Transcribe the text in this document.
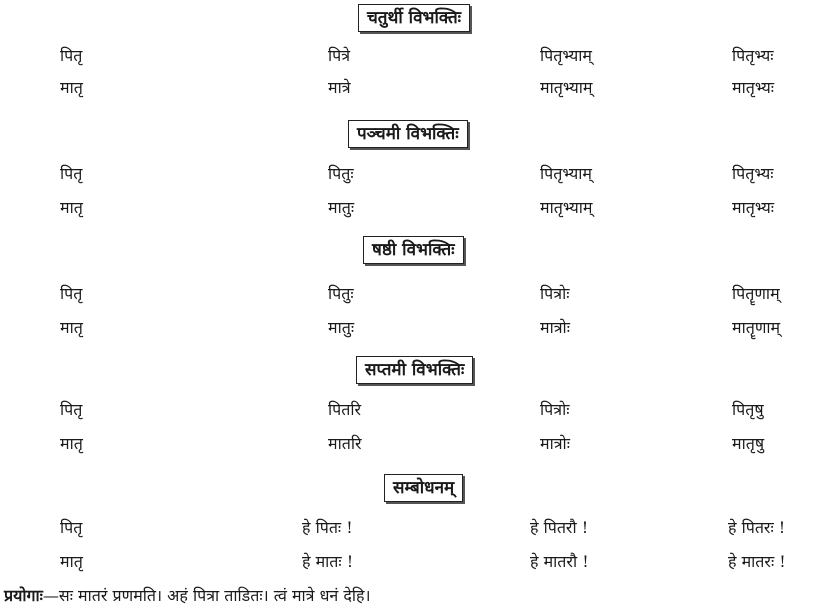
चतुर्थी विभक्तिः
पितृ	पित्रे	पितृभ्याम्	पितृभ्यः
मातृ	मात्रे	मातृभ्याम्	मातृभ्यः
पञ्चमी विभक्तिः
पितृ	पितुः	पितृभ्याम्	पितृभ्यः
मातृ	मातुः	मातृभ्याम्	मातृभ्यः
षष्ठी विभक्तिः
पितृ	पितुः	पित्रोः	पितॄणाम्
मातृ	मातुः	मात्रोः	मातॄणाम्
सप्तमी विभक्तिः
पितृ	पितरि	पित्रोः	पितृषु
मातृ	मातरि	मात्रोः	मातृषु
सम्बोधनम्
पितृ	हे पितः !	हे पितरौ !	हे पितरः !
मातृ	हे मातः !	हे मातरौ !	हे मातरः !
प्रयोगाः—सः मातरं प्रणमति। अहं पित्रा ताडितः। त्वं मात्रे धनं देहि।
